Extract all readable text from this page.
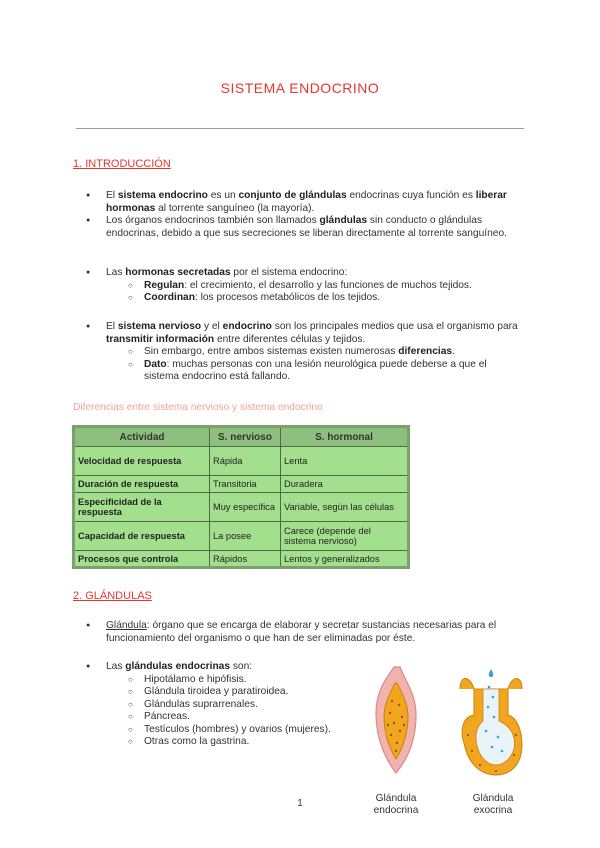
SISTEMA ENDOCRINO
1. INTRODUCCIÓN
● El sistema endocrino es un conjunto de glándulas endocrinas cuya función es liberar hormonas al torrente sanguíneo (la mayoría).
● Los órganos endocrinos también son llamados glándulas sin conducto o glándulas endocrinas, debido a que sus secreciones se liberan directamente al torrente sanguíneo.
● Las hormonas secretadas por el sistema endocrino:
○ Regulan: el crecimiento, el desarrollo y las funciones de muchos tejidos.
○ Coordinan: los procesos metabólicos de los tejidos.
● El sistema nervioso y el endocrino son los principales medios que usa el organismo para transmitir información entre diferentes células y tejidos.
○ Sin embargo, entre ambos sistemas existen numerosas diferencias.
○ Dato: muchas personas con una lesión neurológica puede deberse a que el sistema endocrino está fallando.
Diferencias entre sistema nervioso y sistema endocrino
Actividad	S. nervioso	S. hormonal
Velocidad de respuesta	Rápida	Lenta
Duración de respuesta	Transitoria	Duradera
Especificidad de la respuesta	Muy específica	Variable, según las células
Capacidad de respuesta	La posee	Carece (depende del sistema nervioso)
Procesos que controla	Rápidos	Lentos y generalizados
2. GLÁNDULAS
● Glándula: órgano que se encarga de elaborar y secretar sustancias necesarias para el funcionamiento del organismo o que han de ser eliminadas por éste.
● Las glándulas endocrinas son:
○ Hipotálamo e hipófisis.
○ Glándula tiroidea y paratiroidea.
○ Glándulas suprarrenales.
○ Páncreas.
○ Testículos (hombres) y ovarios (mujeres).
○ Otras como la gastrina.
Glándula
endocrina
Glándula
exocrina
1
